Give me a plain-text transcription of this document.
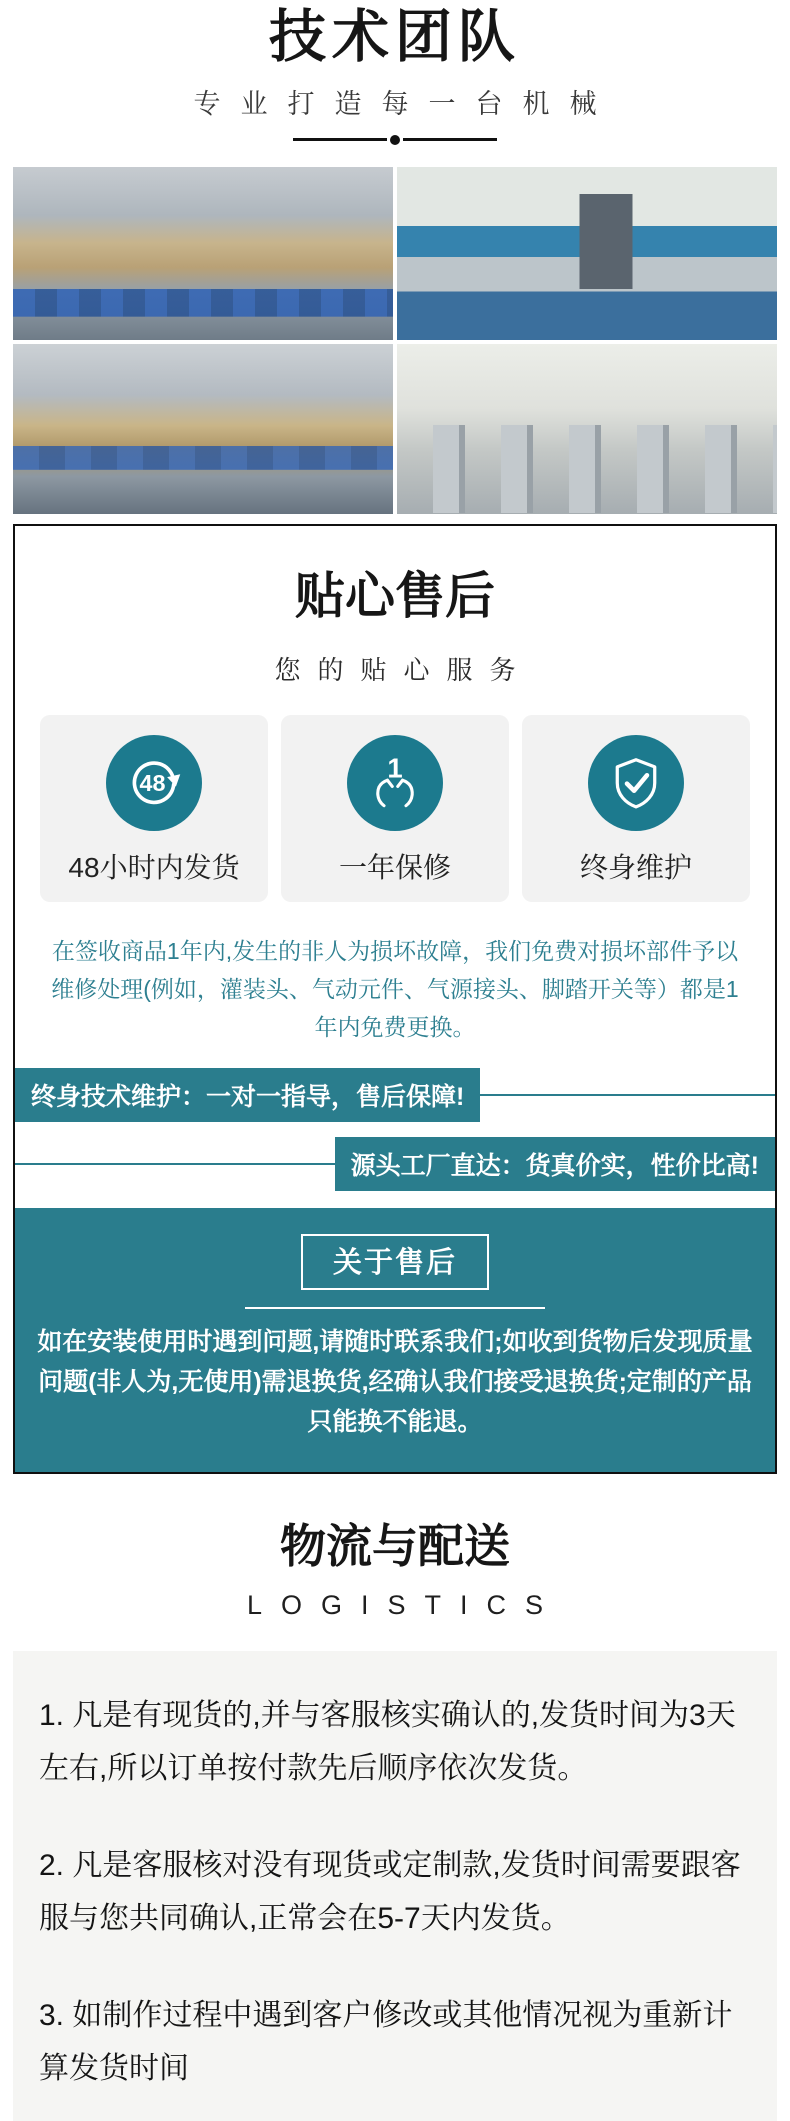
技术团队
专业打造每一台机械
贴心售后
您的贴心服务
48
48小时内发货
1
一年保修	终身维护

在签收商品1年内,发生的非人为损坏故障，我们免费对损坏部件予以维修处理(例如，灌装头、气动元件、气源接头、脚踏开关等）都是1年内免费更换。

终身技术维护：一对一指导，售后保障!
源头工厂直达：货真价实，性价比高!
关于售后

如在安装使用时遇到问题,请随时联系我们;如收到货物后发现质量问题(非人为,无使用)需退换货,经确认我们接受退换货;定制的产品只能换不能退。

物流与配送
LOGISTICS

1. 凡是有现货的,并与客服核实确认的,发货时间为3天左右,所以订单按付款先后顺序依次发货。

2. 凡是客服核对没有现货或定制款,发货时间需要跟客服与您共同确认,正常会在5-7天内发货。

3. 如制作过程中遇到客户修改或其他情况视为重新计算发货时间
